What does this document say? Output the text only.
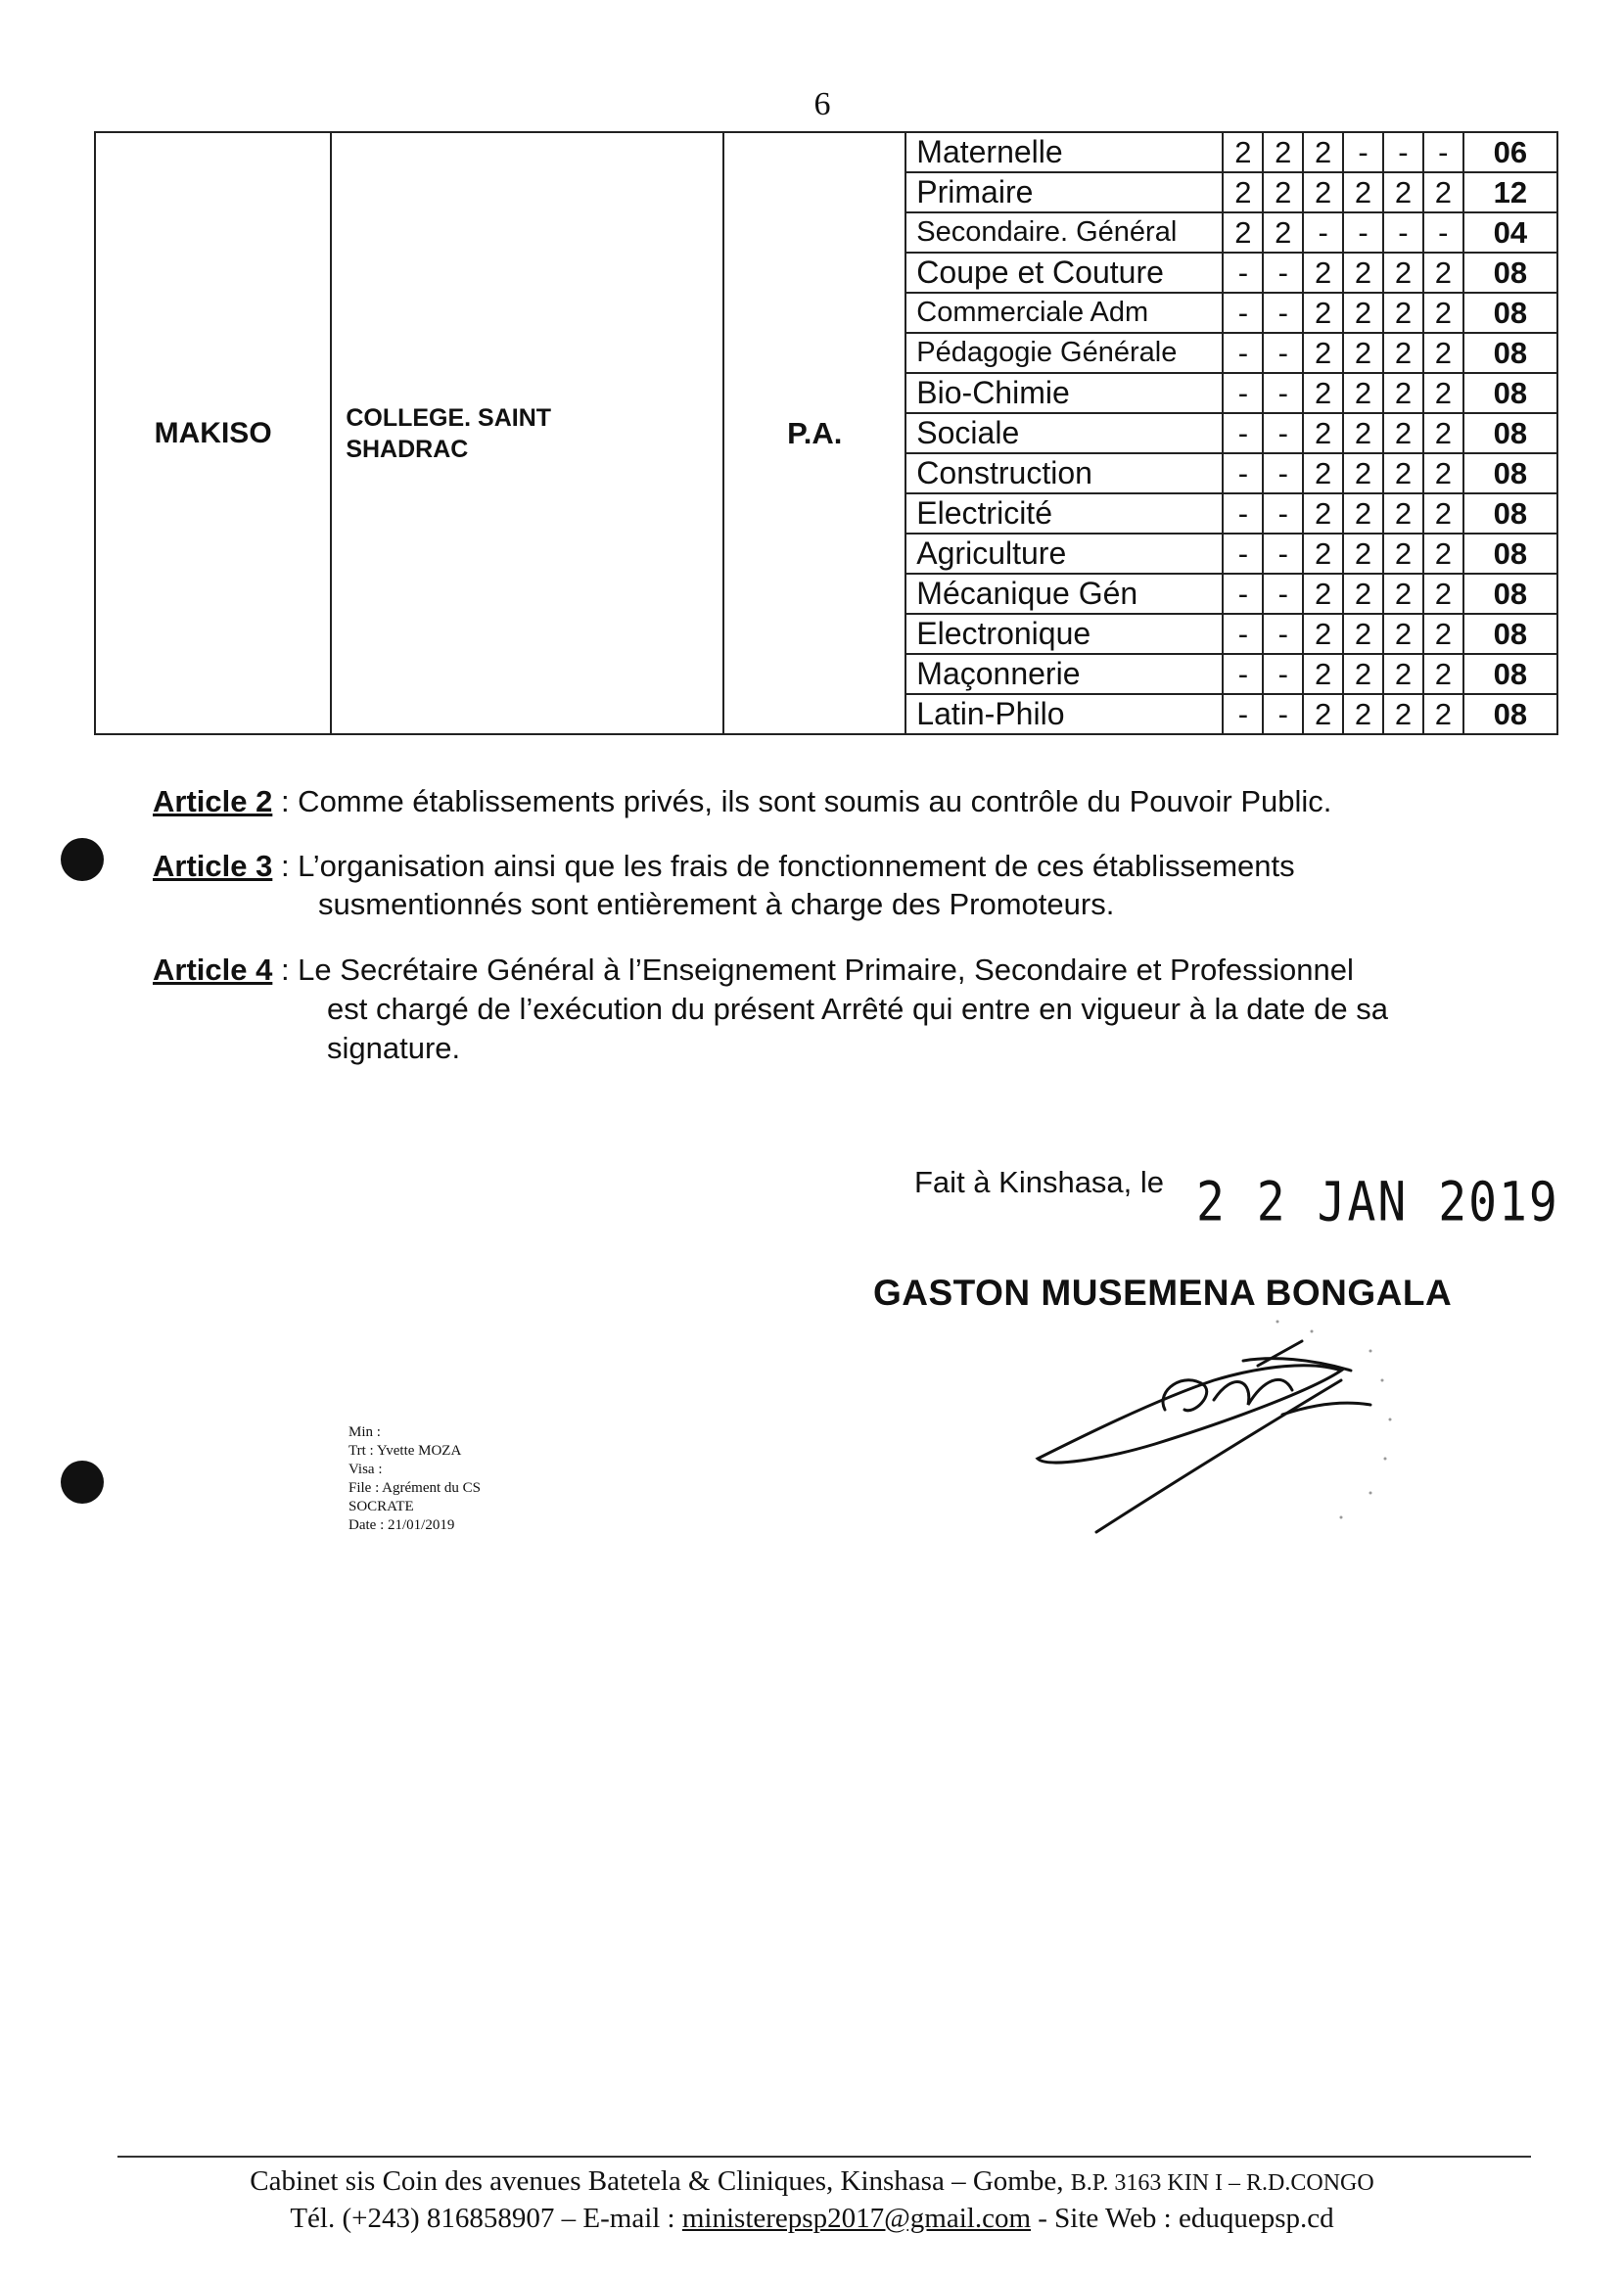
6
MAKISO	COLLEGE. SAINT
SHADRAC	P.A.	Maternelle	2	2	2	-	-	-	06
			Primaire	2	2	2	2	2	2	12
			Secondaire. Général	2	2	-	-	-	-	04
			Coupe et Couture	-	-	2	2	2	2	08
			Commerciale Adm	-	-	2	2	2	2	08
			Pédagogie Générale	-	-	2	2	2	2	08
			Bio-Chimie	-	-	2	2	2	2	08
			Sociale	-	-	2	2	2	2	08
			Construction	-	-	2	2	2	2	08
			Electricité	-	-	2	2	2	2	08
			Agriculture	-	-	2	2	2	2	08
			Mécanique Gén	-	-	2	2	2	2	08
			Electronique	-	-	2	2	2	2	08
			Maçonnerie	-	-	2	2	2	2	08
			Latin-Philo	-	-	2	2	2	2	08
Article 2 : Comme établissements privés, ils sont soumis au contrôle du Pouvoir Public.
Article 3 : L’organisation ainsi que les frais de fonctionnement de ces établissements
susmentionnés sont entièrement à charge des Promoteurs.
Article 4 : Le Secrétaire Général à l’Enseignement Primaire, Secondaire et Professionnel
est chargé de l’exécution du présent Arrêté qui entre en vigueur à la date de sa
signature.
Fait à Kinshasa, le 2 2 JAN 2019
GASTON MUSEMENA BONGALA
Min :
Trt : Yvette MOZA
Visa :
File : Agrément du CS
SOCRATE
Date : 21/01/2019
Cabinet sis Coin des avenues Batetela & Cliniques, Kinshasa – Gombe, B.P. 3163 KIN I – R.D.CONGO
Tél. (+243) 816858907 – E-mail : ministerepsp2017@gmail.com - Site Web : eduquepsp.cd
